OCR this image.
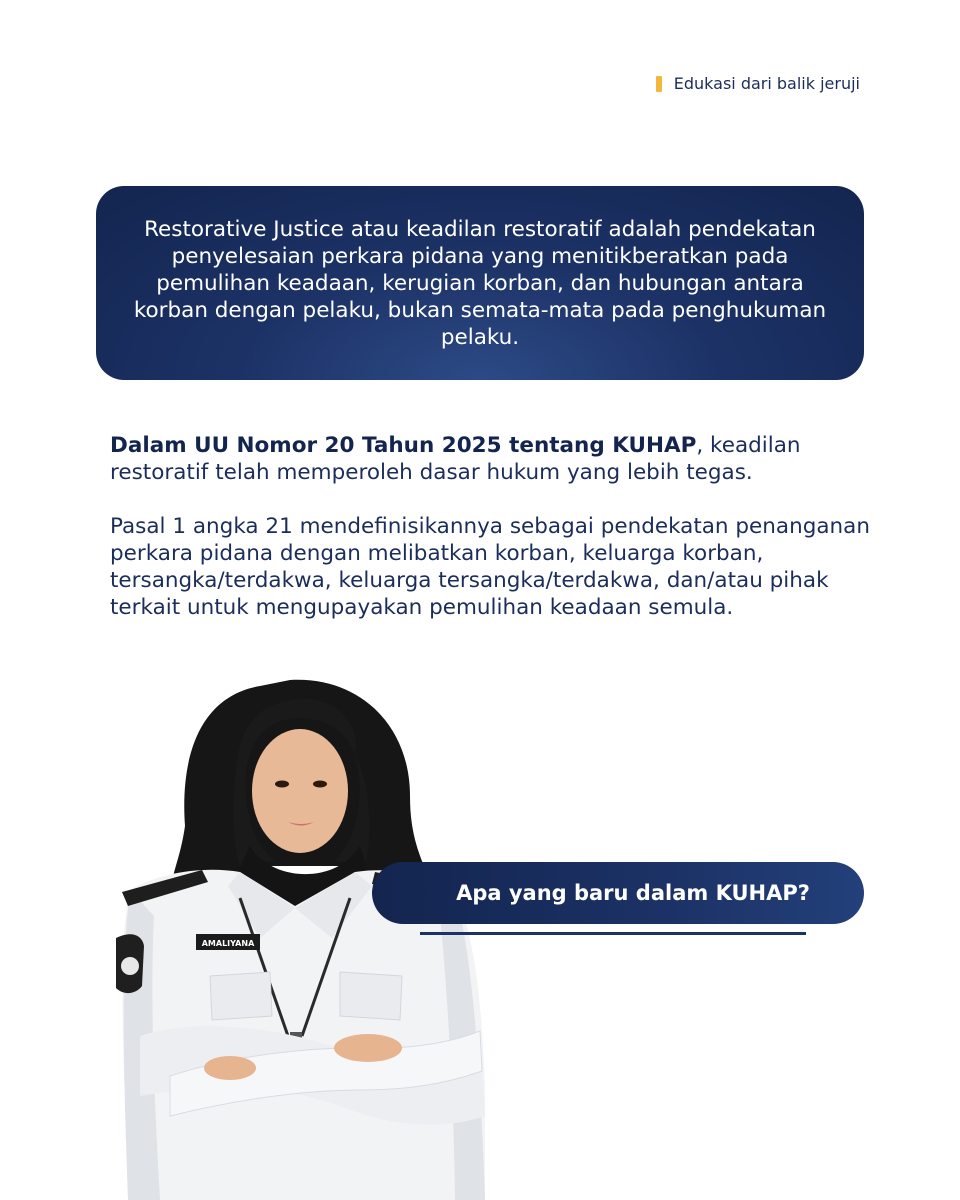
Edukasi dari balik jeruji
Restorative Justice atau keadilan restoratif adalah pendekatan penyelesaian perkara pidana yang menitikberatkan pada pemulihan keadaan, kerugian korban, dan hubungan antara korban dengan pelaku, bukan semata-mata pada penghukuman pelaku.

Dalam UU Nomor 20 Tahun 2025 tentang KUHAP, keadilan restoratif telah memperoleh dasar hukum yang lebih tegas.

Pasal 1 angka 21 mendefinisikannya sebagai pendekatan penanganan perkara pidana dengan melibatkan korban, keluarga korban, tersangka/terdakwa, keluarga tersangka/terdakwa, dan/atau pihak terkait untuk mengupayakan pemulihan keadaan semula.

AMALIYANA
Apa yang baru dalam KUHAP?
